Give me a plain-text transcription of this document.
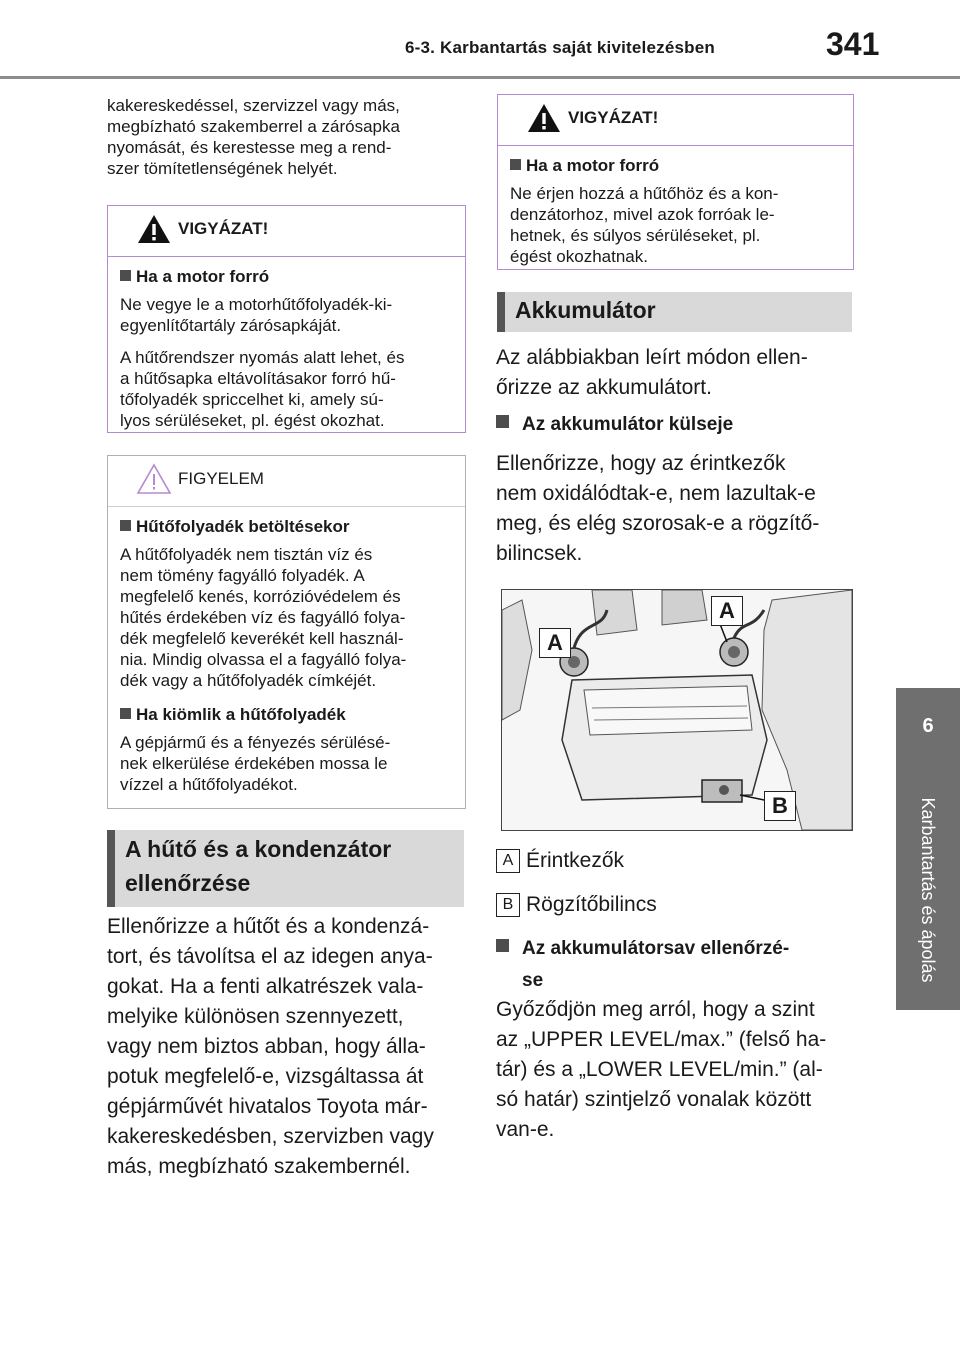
6-3. Karbantartás saját kivitelezésben	341
6
Karbantartás és ápolás
kakereskedéssel, szervizzel vagy más,
megbízható szakemberrel a zárósapka
nyomását, és kerestesse meg a rend-
szer tömítetlenségének helyét.
VIGYÁZAT!
Ha a motor forró
Ne vegye le a motorhűtőfolyadék-ki-
egyenlítőtartály zárósapkáját.
A hűtőrendszer nyomás alatt lehet, és
a hűtősapka eltávolításakor forró hű-
tőfolyadék spriccelhet ki, amely sú-
lyos sérüléseket, pl. égést okozhat.
FIGYELEM
Hűtőfolyadék betöltésekor
A hűtőfolyadék nem tisztán víz és
nem tömény fagyálló folyadék. A
megfelelő kenés, korrózióvédelem és
hűtés érdekében víz és fagyálló folya-
dék megfelelő keverékét kell használ-
nia. Mindig olvassa el a fagyálló folya-
dék vagy a hűtőfolyadék címkéjét.
Ha kiömlik a hűtőfolyadék
A gépjármű és a fényezés sérülésé-
nek elkerülése érdekében mossa le
vízzel a hűtőfolyadékot.
A hűtő és a kondenzátor
ellenőrzése
Ellenőrizze a hűtőt és a kondenzá-
tort, és távolítsa el az idegen anya-
gokat. Ha a fenti alkatrészek vala-
melyike különösen szennyezett,
vagy nem biztos abban, hogy álla-
potuk megfelelő-e, vizsgáltassa át
gépjárművét hivatalos Toyota már-
kakereskedésben, szervizben vagy
más, megbízható szakembernél.
VIGYÁZAT!
Ha a motor forró
Ne érjen hozzá a hűtőhöz és a kon-
denzátorhoz, mivel azok forróak le-
hetnek, és súlyos sérüléseket, pl.
égést okozhatnak.
Akkumulátor
Az alábbiakban leírt módon ellen-
őrizze az akkumulátort.
Az akkumulátor külseje
Ellenőrizze, hogy az érintkezők
nem oxidálódtak-e, nem lazultak-e
meg, és elég szorosak-e a rögzítő-
bilincsek.
A
A
B
A Érintkezők
B Rögzítőbilincs
Az akkumulátorsav ellenőrzé-
se
Győződjön meg arról, hogy a szint
az „UPPER LEVEL/max.” (felső ha-
tár) és a „LOWER LEVEL/min.” (al-
só határ) szintjelző vonalak között
van-e.
